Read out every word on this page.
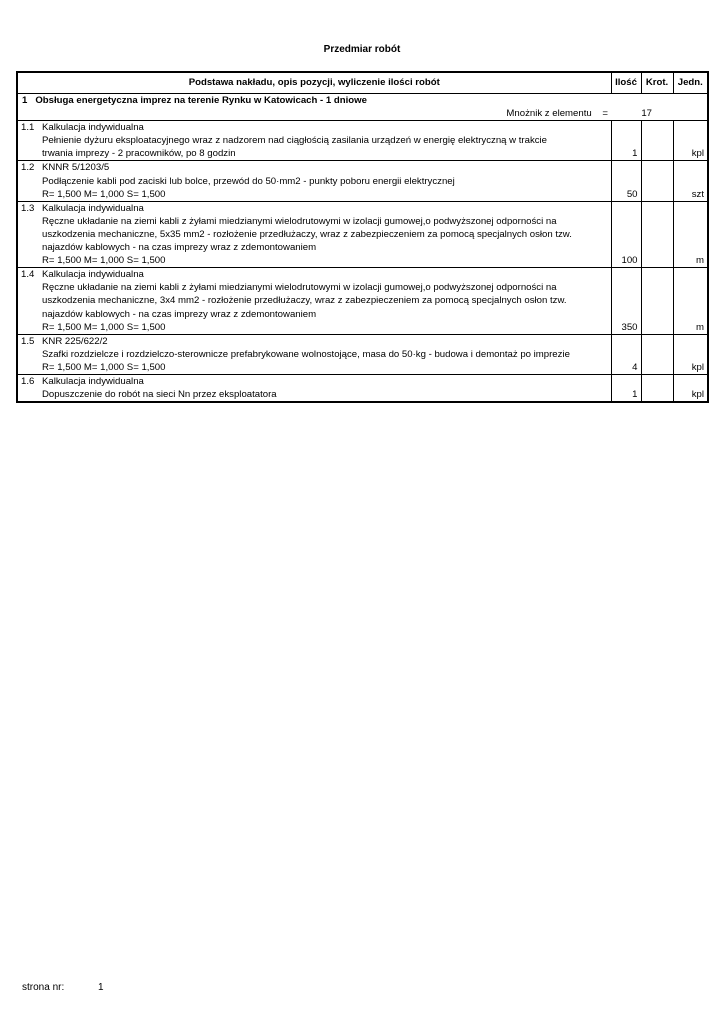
Przedmiar robót
Podstawa nakładu, opis pozycji, wyliczenie ilości robót		Ilość	Krot.	Jedn.

1 Obsługa energetyczna imprez na terenie Rynku w Katowicach - 1 dniowe
Mnożnik z elementu
= 17				

1.1	Kalkulacja indywidualna
Pełnienie dyżuru eksploatacyjnego wraz z nadzorem nad ciągłością zasilania urządzeń w energię elektryczną w trakcie
trwania imprezy - 2 pracowników, po 8 godzin	1		kpl
1.2	KNNR 5/1203/5
Podłączenie kabli pod zaciski lub bolce, przewód do 50·mm2 - punkty poboru energii elektrycznej
R= 1,500 M= 1,000 S= 1,500	50		szt
1.3	Kalkulacja indywidualna
Ręczne układanie na ziemi kabli z żyłami miedzianymi wielodrutowymi w izolacji gumowej,o podwyższonej odporności na
uszkodzenia mechaniczne, 5x35 mm2 - rozłożenie przedłużaczy, wraz z zabezpieczeniem za pomocą specjalnych osłon tzw.
najazdów kablowych - na czas imprezy wraz z zdemontowaniem
R= 1,500 M= 1,000 S= 1,500	100		m
1.4	Kalkulacja indywidualna
Ręczne układanie na ziemi kabli z żyłami miedzianymi wielodrutowymi w izolacji gumowej,o podwyższonej odporności na
uszkodzenia mechaniczne, 3x4 mm2 - rozłożenie przedłużaczy, wraz z zabezpieczeniem za pomocą specjalnych osłon tzw.
najazdów kablowych - na czas imprezy wraz z zdemontowaniem
R= 1,500 M= 1,000 S= 1,500	350		m
1.5	KNR 225/622/2
Szafki rozdzielcze i rozdzielczo-sterownicze prefabrykowane wolnostojące, masa do 50·kg - budowa i demontaż po imprezie
R= 1,500 M= 1,000 S= 1,500	4		kpl
1.6	Kalkulacja indywidualna
Dopuszczenie do robót na sieci Nn przez eksploatatora	1		kpl
strona nr:	1
